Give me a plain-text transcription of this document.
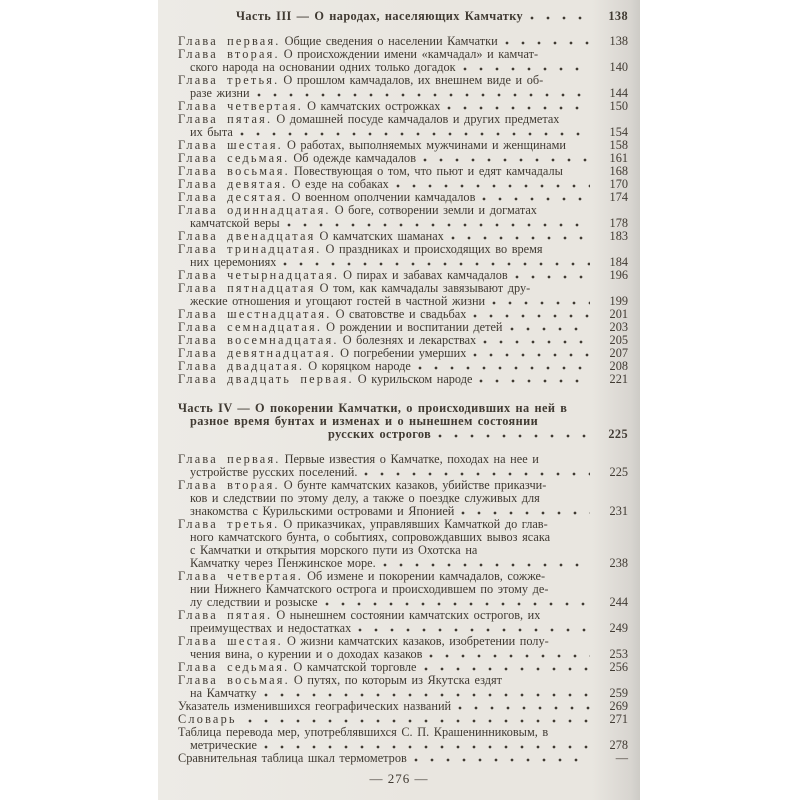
Часть III — О народах, населяющих Камчатку	138
Глава первая. Общие сведения о населении Камчатки	138
Глава вторая. О происхождении имени «камчадал» и камчат-
ского народа на основании одних только догадок	140
Глава третья. О прошлом камчадалов, их внешнем виде и об-
разе жизни	144
Глава четвертая. О камчатских острожках	150
Глава пятая. О домашней посуде камчадалов и других предметах
их быта	154
Глава шестая. О работах, выполняемых мужчинами и женщинами	158
Глава седьмая. Об одежде камчадалов	161
Глава восьмая. Повествующая о том, что пьют и едят камчадалы	168
Глава девятая. О езде на собаках	170
Глава десятая. О военном ополчении камчадалов	174
Глава одиннадцатая. О боге, сотворении земли и догматах
камчатской веры	178
Глава двенадцатая О камчатских шаманах	183
Глава тринадцатая. О праздниках и происходящих во время
них церемониях	184
Глава четырнадцатая. О пирах и забавах камчадалов	196
Глава пятнадцатая О том, как камчадалы завязывают дру-
жеские отношения и угощают гостей в частной жизни	199
Глава шестнадцатая. О сватовстве и свадьбах	201
Глава семнадцатая. О рождении и воспитании детей	203
Глава восемнадцатая. О болезнях и лекарствах	205
Глава девятнадцатая. О погребении умерших	207
Глава двадцатая. О коряцком народе	208
Глава двадцать первая. О курильском народе	221
Часть IV — О покорении Камчатки, о происходивших на ней в
разное время бунтах и изменах и о нынешнем состоянии
русских острогов	225
Глава первая. Первые известия о Камчатке, походах на нее и
устройстве русских поселений.	225
Глава вторая. О бунте камчатских казаков, убийстве приказчи-
ков и следствии по этому делу, а также о поездке служивых для
знакомства с Курильскими островами и Японией	231
Глава третья. О приказчиках, управлявших Камчаткой до глав-
ного камчатского бунта, о событиях, сопровождавших вывоз ясака
с Камчатки и открытия морского пути из Охотска на
Камчатку через Пенжинское море.	238
Глава четвертая. Об измене и покорении камчадалов, сожже-
нии Нижнего Камчатского острога и происходившем по этому де-
лу следствии и розыске	244
Глава пятая. О нынешнем состоянии камчатских острогов, их
преимуществах и недостатках	249
Глава шестая. О жизни камчатских казаков, изобретении полу-
чения вина, о курении и о доходах казаков	253
Глава седьмая. О камчатской торговле	256
Глава восьмая. О путях, по которым из Якутска ездят
на Камчатку	259
Указатель изменившихся географических названий	269
Словарь	271
Таблица перевода мер, употреблявшихся С. П. Крашенинниковым, в
метрические	278
Сравнительная таблица шкал термометров	—
— 276 —
